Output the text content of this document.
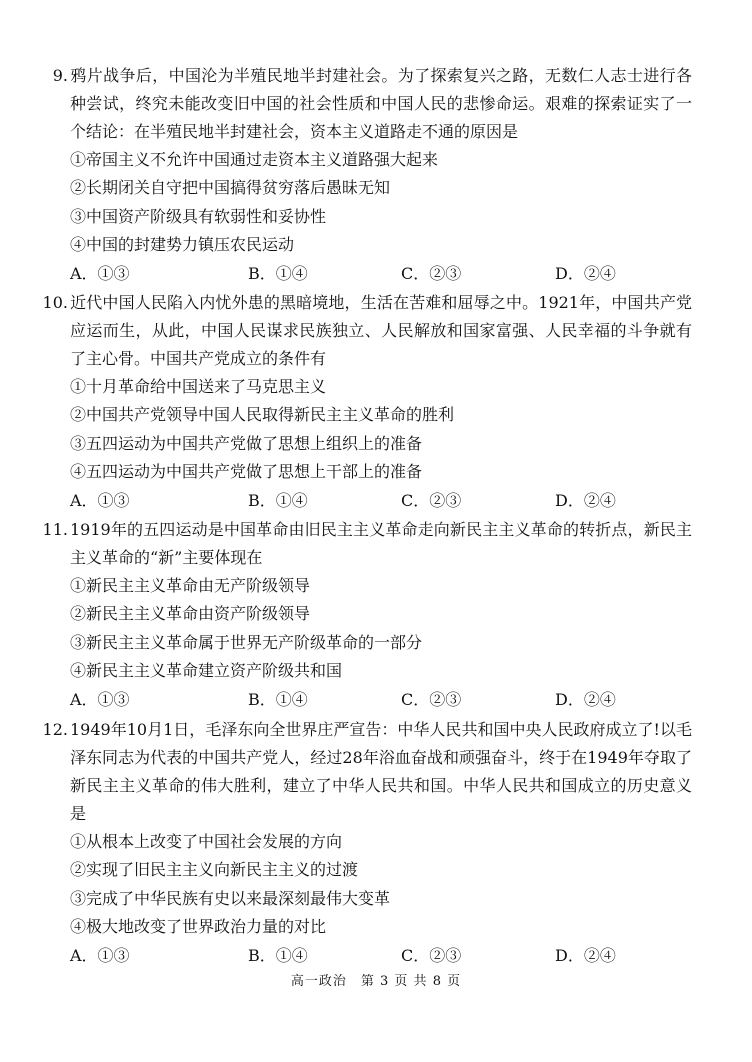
9. 鸦片战争后，中国沦为半殖民地半封建社会。为了探索复兴之路，无数仁人志士进行各种尝试，终究未能改变旧中国的社会性质和中国人民的悲惨命运。艰难的探索证实了一个结论：在半殖民地半封建社会，资本主义道路走不通的原因是
①帝国主义不允许中国通过走资本主义道路强大起来
②长期闭关自守把中国搞得贫穷落后愚昧无知
③中国资产阶级具有软弱性和妥协性
④中国的封建势力镇压农民运动
A．①③	B．①④	C．②③	D．②④
10. 近代中国人民陷入内忧外患的黑暗境地，生活在苦难和屈辱之中。1921年，中国共产党应运而生，从此，中国人民谋求民族独立、人民解放和国家富强、人民幸福的斗争就有了主心骨。中国共产党成立的条件有
①十月革命给中国送来了马克思主义
②中国共产党领导中国人民取得新民主主义革命的胜利
③五四运动为中国共产党做了思想上组织上的准备
④五四运动为中国共产党做了思想上干部上的准备
A．①③	B．①④	C．②③	D．②④
11. 1919年的五四运动是中国革命由旧民主主义革命走向新民主主义革命的转折点，新民主主义革命的“新”主要体现在
①新民主主义革命由无产阶级领导
②新民主主义革命由资产阶级领导
③新民主主义革命属于世界无产阶级革命的一部分
④新民主主义革命建立资产阶级共和国
A．①③	B．①④	C．②③	D．②④
12. 1949年10月1日，毛泽东向全世界庄严宣告：中华人民共和国中央人民政府成立了!以毛泽东同志为代表的中国共产党人，经过28年浴血奋战和顽强奋斗，终于在1949年夺取了新民主主义革命的伟大胜利，建立了中华人民共和国。中华人民共和国成立的历史意义是
①从根本上改变了中国社会发展的方向
②实现了旧民主主义向新民主主义的过渡
③完成了中华民族有史以来最深刻最伟大变革
④极大地改变了世界政治力量的对比
A．①③	B．①④	C．②③	D．②④
高一政治　第 3 页 共 8 页
